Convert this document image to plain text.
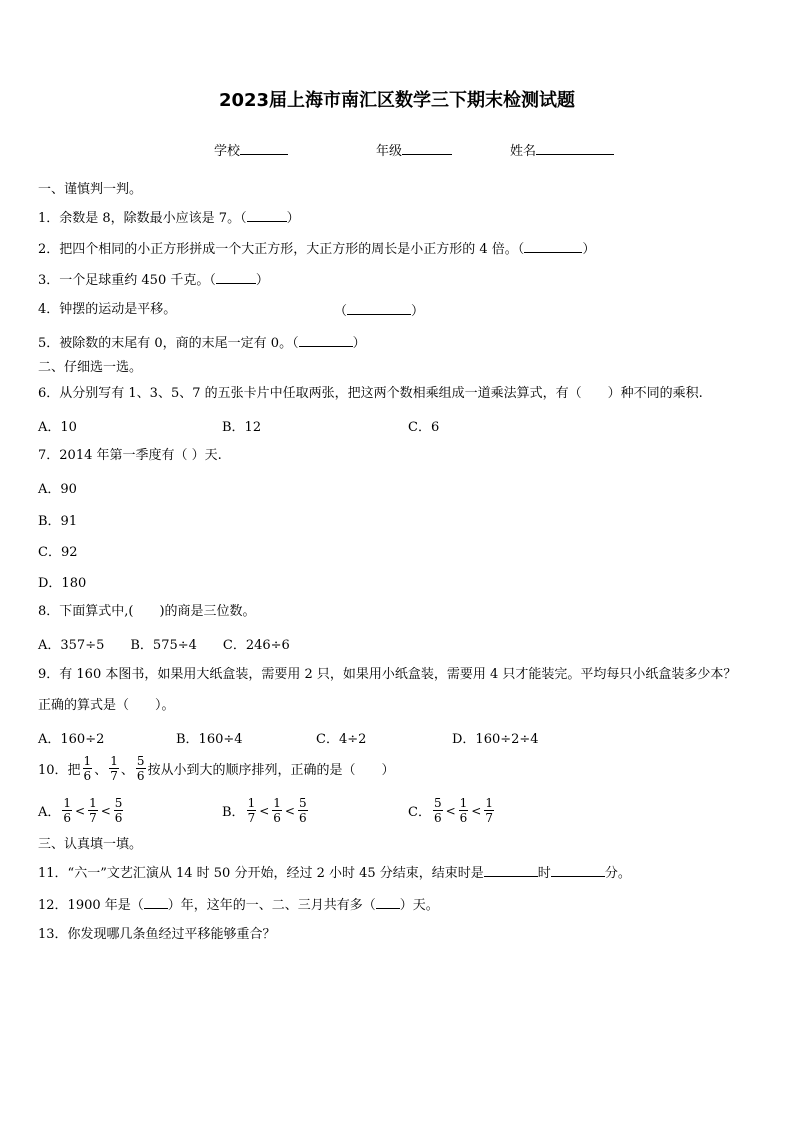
2023届上海市南汇区数学三下期末检测试题
学校	年级	姓名
一、谨慎判一判。
1．余数是 8，除数最小应该是 7。（	）
2．把四个相同的小正方形拼成一个大正方形，大正方形的周长是小正方形的 4 倍。（	）
3．一个足球重约 450 千克。（	）
4．钟摆的运动是平移。	（	）
5．被除数的末尾有 0，商的末尾一定有 0。（	）
二、仔细选一选。
6．从分别写有 1、3、5、7 的五张卡片中任取两张，把这两个数相乘组成一道乘法算式，有（　　）种不同的乘积.
A．10	B．12	C．6
7．2014 年第一季度有（ ）天.
A．90
B．91
C．92
D．180
8．下面算式中,(　　)的商是三位数。
A．357÷5　　B．575÷4　　C．246÷6
9．有 160 本图书，如果用大纸盒装，需要用 2 只，如果用小纸盒装，需要用 4 只才能装完。平均每只小纸盒装多少本？
正确的算式是（　　）。
A．160÷2	B．160÷4	C．4÷2	D．160÷2÷4
10．把 $\frac{1}{6}$ 、 $\frac{1}{7}$ 、 $\frac{5}{6}$ 按从小到大的顺序排列，正确的是（　　）
A． $\frac{1}{6} < \frac{1}{7} < \frac{5}{6}$	B． $\frac{1}{7} < \frac{1}{6} < \frac{5}{6}$	C． $\frac{5}{6} < \frac{1}{6} < \frac{1}{7}$
三、认真填一填。
11．“六一”文艺汇演从 14 时 50 分开始，经过 2 小时 45 分结束，结束时是	时	分。
12．1900 年是（ ）年，这年的一、二、三月共有多（ ）天。
13．你发现哪几条鱼经过平移能够重合？
